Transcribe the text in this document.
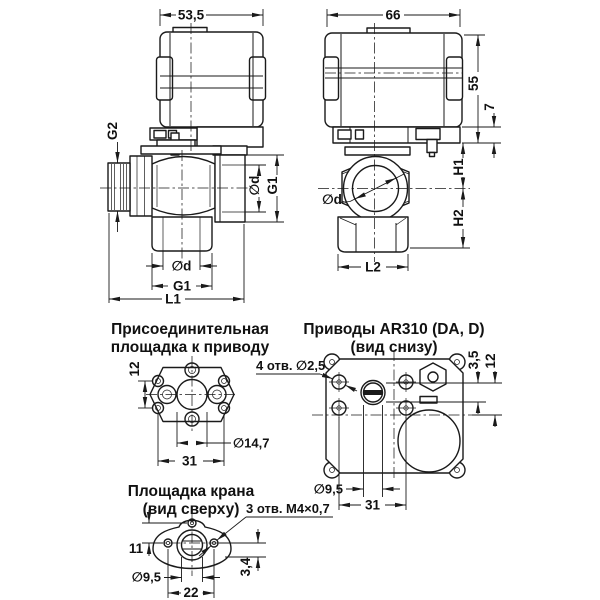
53,5
G2
∅d G1
∅d
G1
L1
∅d
66
55
7
H1
H2
L2
Присоединительная
площадка к приводу
12
∅14,7
31
Приводы AR310 (DA, D)
(вид снизу)
4 отв. ∅2,5	3,5 12
∅9,5
31
Площадка крана
(вид сверху) 3 отв. М4×0,7
11
∅9,5
22
3,4
